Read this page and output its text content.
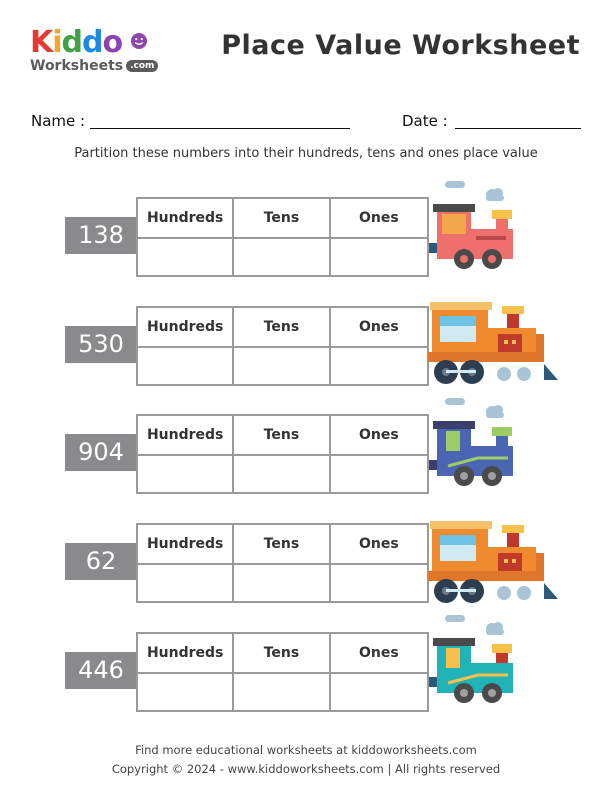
Kiddo
Worksheets .com
Place Value Worksheet
Name :	Date :
Partition these numbers into their hundreds, tens and ones place value
138
Hundreds	Tens	Ones
530
Hundreds	Tens	Ones
904
Hundreds	Tens	Ones
62
Hundreds	Tens	Ones
446
Hundreds	Tens	Ones
Find more educational worksheets at kiddoworksheets.com
Copyright © 2024 - www.kiddoworksheets.com | All rights reserved
